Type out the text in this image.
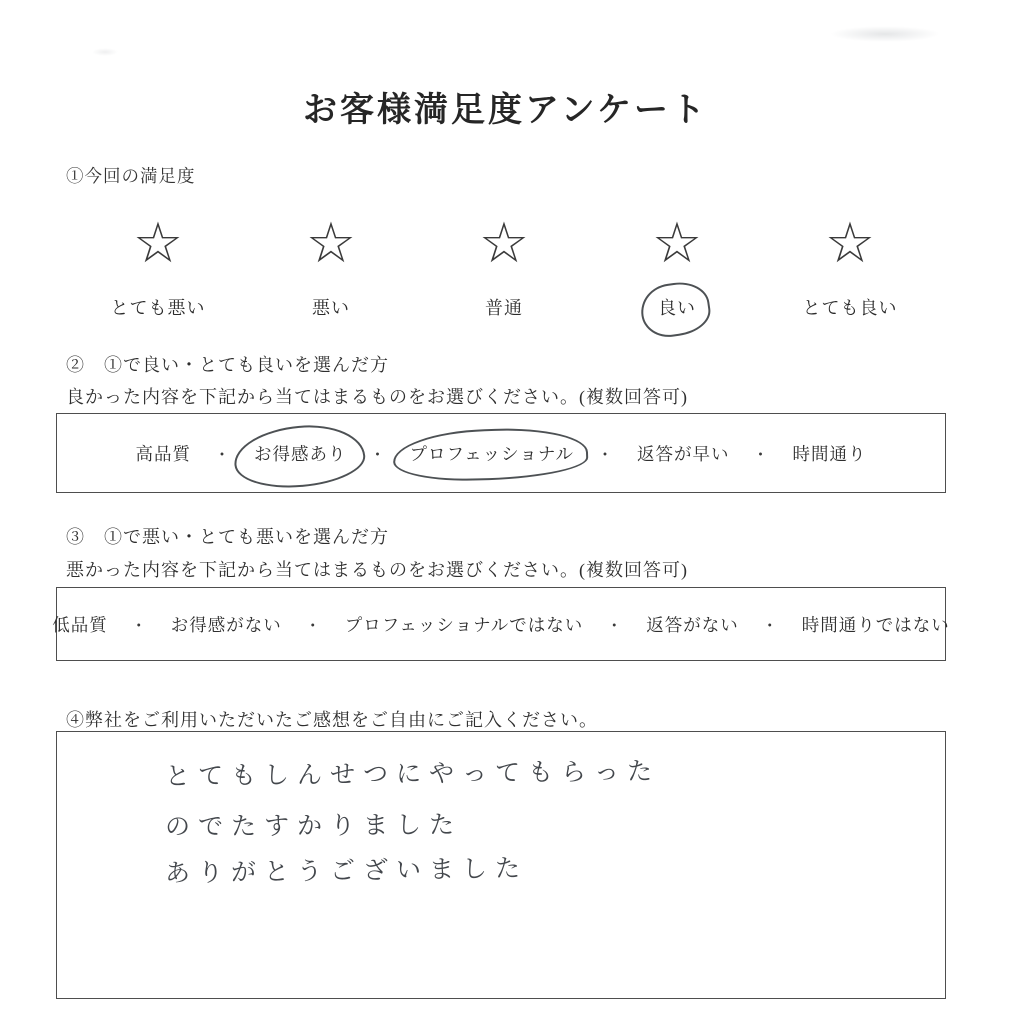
お客様満足度アンケート
①今回の満足度
☆	☆	☆	☆	☆
とても悪い	悪い	普通	良い	とても良い
②　①で良い・とても良いを選んだ方
良かった内容を下記から当てはまるものをお選びください。(複数回答可)
高品質 ・ お得感あり ・ プロフェッショナル ・ 返答が早い ・ 時間通り
③　①で悪い・とても悪いを選んだ方
悪かった内容を下記から当てはまるものをお選びください。(複数回答可)
低品質 ・ お得感がない ・ プロフェッショナルではない ・ 返答がない ・ 時間通りではない
④弊社をご利用いただいたご感想をご自由にご記入ください。
とてもしんせつにやってもらった
のでたすかりました
ありがとうございました
